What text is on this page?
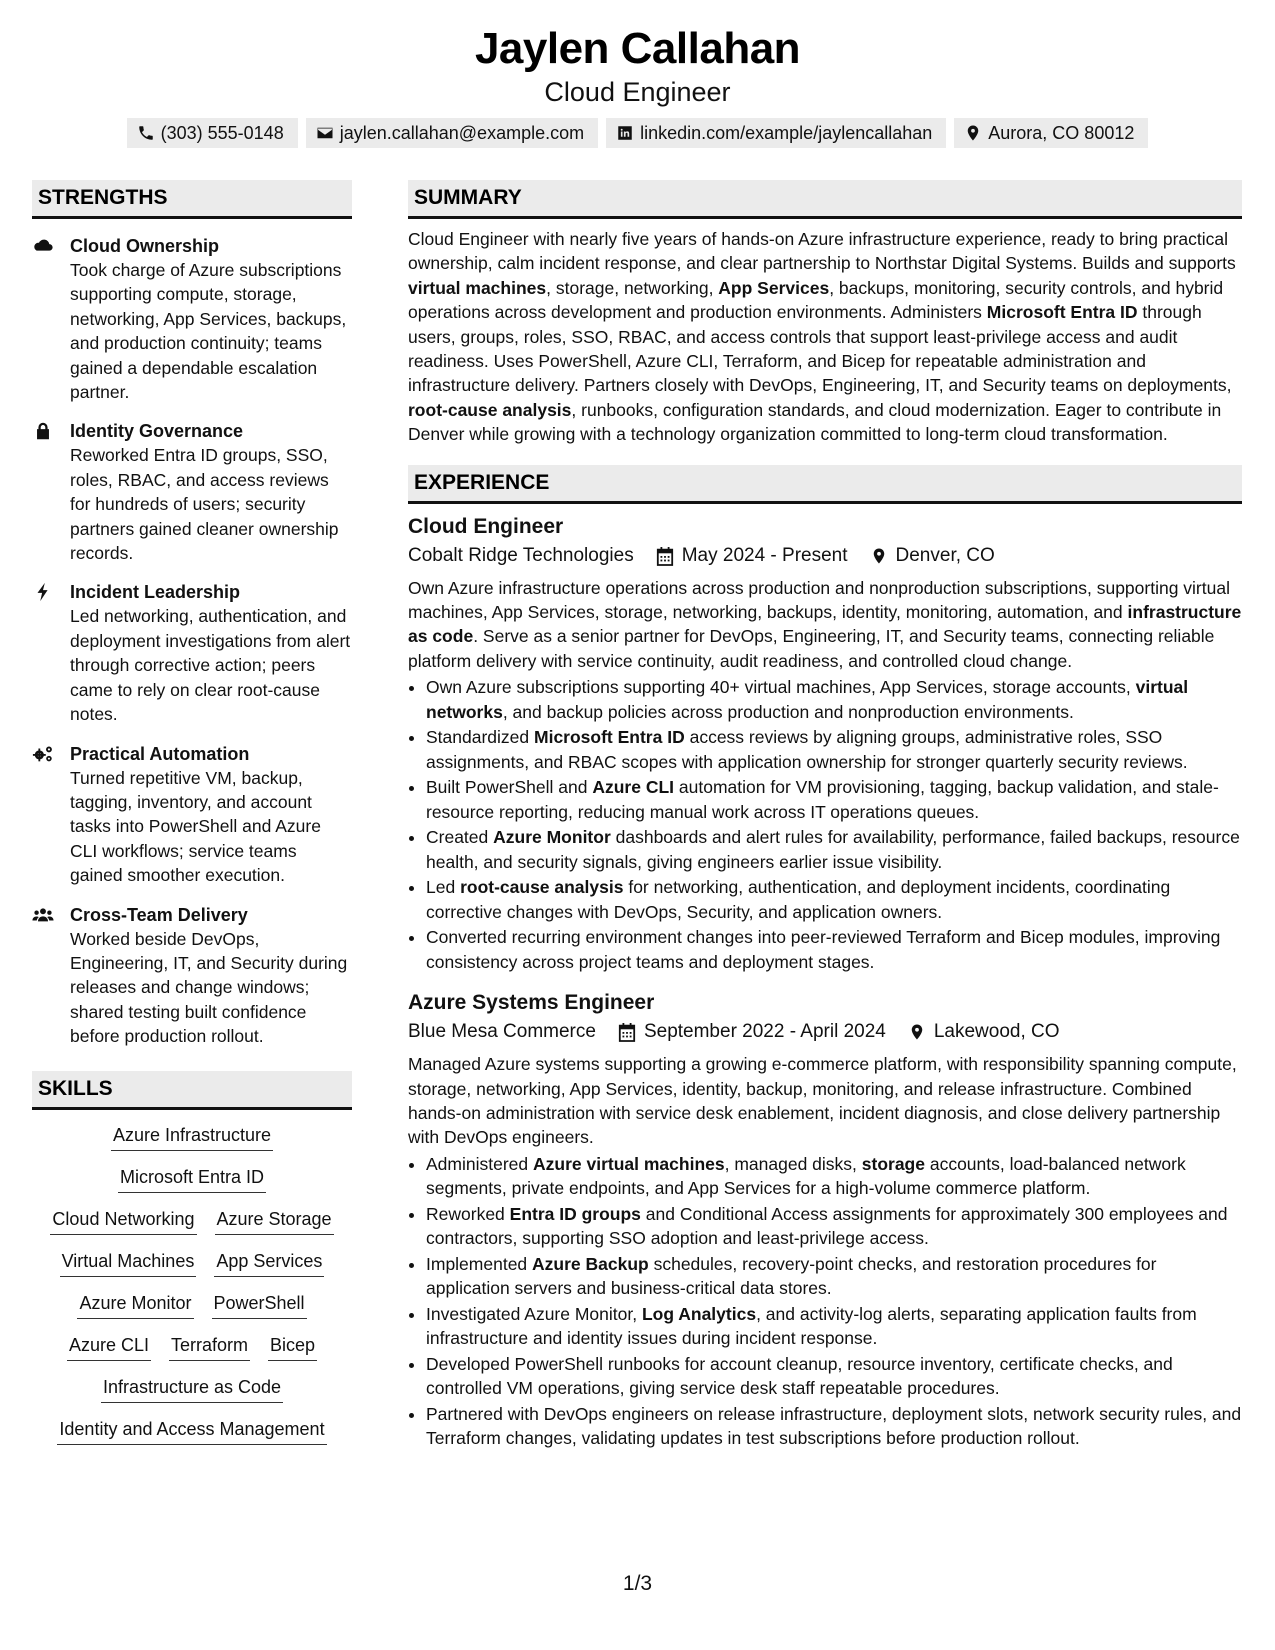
Jaylen Callahan
Cloud Engineer
(303) 555-0148	jaylen.callahan@example.com	linkedin.com/example/jaylencallahan	Aurora, CO 80012
STRENGTHS
Cloud Ownership
Took charge of Azure subscriptions supporting compute, storage, networking, App Services, backups, and production continuity; teams gained a dependable escalation partner.
Identity Governance
Reworked Entra ID groups, SSO, roles, RBAC, and access reviews for hundreds of users; security partners gained cleaner ownership records.
Incident Leadership
Led networking, authentication, and deployment investigations from alert through corrective action; peers came to rely on clear root-cause notes.
Practical Automation
Turned repetitive VM, backup, tagging, inventory, and account tasks into PowerShell and Azure CLI workflows; service teams gained smoother execution.
Cross-Team Delivery
Worked beside DevOps, Engineering, IT, and Security during releases and change windows; shared testing built confidence before production rollout.
SKILLS
Azure Infrastructure
Microsoft Entra ID
Cloud Networking Azure Storage
Virtual Machines App Services
Azure Monitor PowerShell
Azure CLI Terraform Bicep
Infrastructure as Code
Identity and Access Management
SUMMARY
Cloud Engineer with nearly five years of hands-on Azure infrastructure experience, ready to bring practical ownership, calm incident response, and clear partnership to Northstar Digital Systems. Builds and supports virtual machines, storage, networking, App Services, backups, monitoring, security controls, and hybrid operations across development and production environments. Administers Microsoft Entra ID through users, groups, roles, SSO, RBAC, and access controls that support least-privilege access and audit readiness. Uses PowerShell, Azure CLI, Terraform, and Bicep for repeatable administration and infrastructure delivery. Partners closely with DevOps, Engineering, IT, and Security teams on deployments, root-cause analysis, runbooks, configuration standards, and cloud modernization. Eager to contribute in Denver while growing with a technology organization committed to long-term cloud transformation.
EXPERIENCE
Cloud Engineer
Cobalt Ridge Technologies	May 2024 - Present	Denver, CO
Own Azure infrastructure operations across production and nonproduction subscriptions, supporting virtual machines, App Services, storage, networking, backups, identity, monitoring, automation, and infrastructure as code. Serve as a senior partner for DevOps, Engineering, IT, and Security teams, connecting reliable platform delivery with service continuity, audit readiness, and controlled cloud change.
• Own Azure subscriptions supporting 40+ virtual machines, App Services, storage accounts, virtual networks, and backup policies across production and nonproduction environments.
• Standardized Microsoft Entra ID access reviews by aligning groups, administrative roles, SSO assignments, and RBAC scopes with application ownership for stronger quarterly security reviews.
• Built PowerShell and Azure CLI automation for VM provisioning, tagging, backup validation, and stale-resource reporting, reducing manual work across IT operations queues.
• Created Azure Monitor dashboards and alert rules for availability, performance, failed backups, resource health, and security signals, giving engineers earlier issue visibility.
• Led root-cause analysis for networking, authentication, and deployment incidents, coordinating corrective changes with DevOps, Security, and application owners.
• Converted recurring environment changes into peer-reviewed Terraform and Bicep modules, improving consistency across project teams and deployment stages.
Azure Systems Engineer
Blue Mesa Commerce	September 2022 - April 2024	Lakewood, CO
Managed Azure systems supporting a growing e-commerce platform, with responsibility spanning compute, storage, networking, App Services, identity, backup, monitoring, and release infrastructure. Combined hands-on administration with service desk enablement, incident diagnosis, and close delivery partnership with DevOps engineers.
• Administered Azure virtual machines, managed disks, storage accounts, load-balanced network segments, private endpoints, and App Services for a high-volume commerce platform.
• Reworked Entra ID groups and Conditional Access assignments for approximately 300 employees and contractors, supporting SSO adoption and least-privilege access.
• Implemented Azure Backup schedules, recovery-point checks, and restoration procedures for application servers and business-critical data stores.
• Investigated Azure Monitor, Log Analytics, and activity-log alerts, separating application faults from infrastructure and identity issues during incident response.
• Developed PowerShell runbooks for account cleanup, resource inventory, certificate checks, and controlled VM operations, giving service desk staff repeatable procedures.
• Partnered with DevOps engineers on release infrastructure, deployment slots, network security rules, and Terraform changes, validating updates in test subscriptions before production rollout.
1/3
